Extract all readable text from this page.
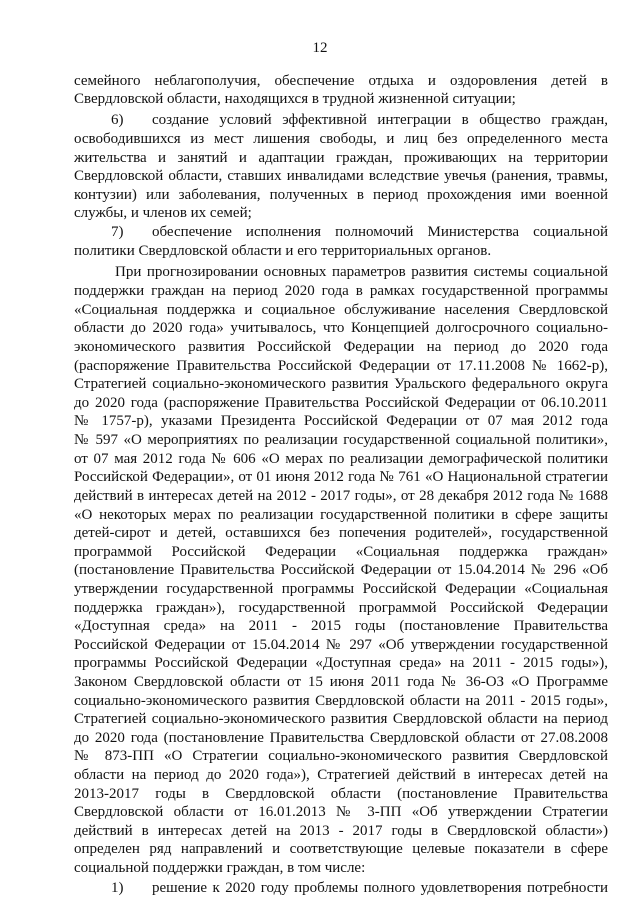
12
семейного неблагополучия, обеспечение отдыха и оздоровления детей в
Свердловской области, находящихся в трудной жизненной ситуации;
6) создание условий эффективной интеграции в общество граждан,
освободившихся из мест лишения свободы, и лиц без определенного места
жительства и занятий и адаптации граждан, проживающих на территории
Свердловской области, ставших инвалидами вследствие увечья (ранения, травмы,
контузии) или заболевания, полученных в период прохождения ими военной
службы, и членов их семей;
7) обеспечение исполнения полномочий Министерства социальной
политики Свердловской области и его территориальных органов.
При прогнозировании основных параметров развития системы социальной
поддержки граждан на период 2020 года в рамках государственной программы
«Социальная поддержка и социальное обслуживание населения Свердловской
области до 2020 года» учитывалось, что Концепцией долгосрочного социально-
экономического развития Российской Федерации на период до 2020 года
(распоряжение Правительства Российской Федерации от 17.11.2008 № 1662-р),
Стратегией социально-экономического развития Уральского федерального округа
до 2020 года (распоряжение Правительства Российской Федерации от 06.10.2011
№ 1757-р), указами Президента Российской Федерации от 07 мая 2012 года
№ 597 «О мероприятиях по реализации государственной социальной политики»,
от 07 мая 2012 года № 606 «О мерах по реализации демографической политики
Российской Федерации», от 01 июня 2012 года № 761 «О Национальной стратегии
действий в интересах детей на 2012 - 2017 годы», от 28 декабря 2012 года № 1688
«О некоторых мерах по реализации государственной политики в сфере защиты
детей-сирот и детей, оставшихся без попечения родителей», государственной
программой Российской Федерации «Социальная поддержка граждан»
(постановление Правительства Российской Федерации от 15.04.2014 № 296 «Об
утверждении государственной программы Российской Федерации «Социальная
поддержка граждан»), государственной программой Российской Федерации
«Доступная среда» на 2011 - 2015 годы (постановление Правительства
Российской Федерации от 15.04.2014 № 297 «Об утверждении государственной
программы Российской Федерации «Доступная среда» на 2011 - 2015 годы»),
Законом Свердловской области от 15 июня 2011 года № 36-ОЗ «О Программе
социально-экономического развития Свердловской области на 2011 - 2015 годы»,
Стратегией социально-экономического развития Свердловской области на период
до 2020 года (постановление Правительства Свердловской области от 27.08.2008
№ 873-ПП «О Стратегии социально-экономического развития Свердловской
области на период до 2020 года»), Стратегией действий в интересах детей на
2013-2017 годы в Свердловской области (постановление Правительства
Свердловской области от 16.01.2013 № 3-ПП «Об утверждении Стратегии
действий в интересах детей на 2013 - 2017 годы в Свердловской области»)
определен ряд направлений и соответствующие целевые показатели в сфере
социальной поддержки граждан, в том числе:
1) решение к 2020 году проблемы полного удовлетворения потребности
